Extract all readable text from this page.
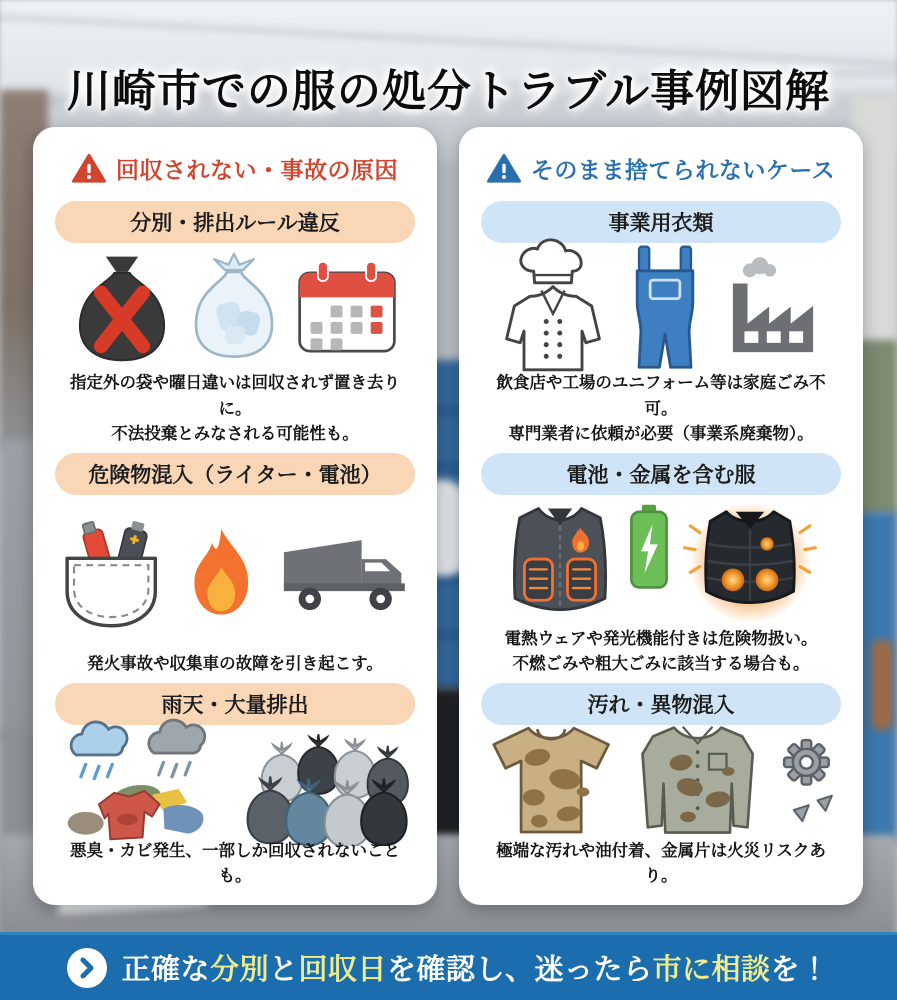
川崎市での服の処分トラブル事例図解
回収されない・事故の原因
分別・排出ルール違反
指定外の袋や曜日違いは回収されず置き去りに。
不法投棄とみなされる可能性も。
危険物混入（ライター・電池）
発火事故や収集車の故障を引き起こす。
雨天・大量排出
悪臭・カビ発生、一部しか回収されないことも。
そのまま捨てられないケース
事業用衣類
飲食店や工場のユニフォーム等は家庭ごみ不可。
専門業者に依頼が必要（事業系廃棄物）。
電池・金属を含む服
電熱ウェアや発光機能付きは危険物扱い。
不燃ごみや粗大ごみに該当する場合も。
汚れ・異物混入
極端な汚れや油付着、金属片は火災リスクあり。
正確な分別と回収日を確認し、迷ったら市に相談を！
